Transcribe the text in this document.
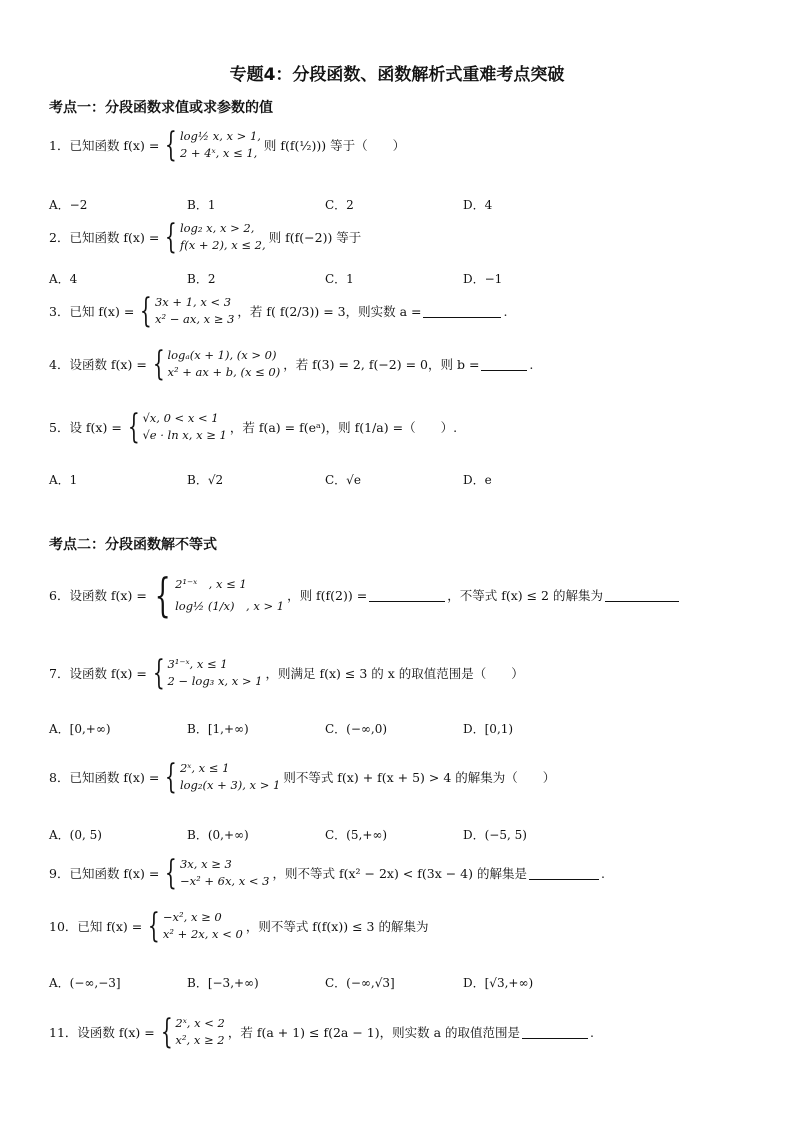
专题4：分段函数、函数解析式重难考点突破
考点一：分段函数求值或求参数的值
1．已知函数 f(x) = { log½ x, x > 1,
2 + 4ˣ, x ≤ 1, 则 f(f(½))) 等于（　　）
A．−2	B．1	C．2	D．4
2．已知函数 f(x) = { log₂ x, x > 2,
f(x + 2), x ≤ 2, 则 f(f(−2)) 等于
A．4	B．2	C．1	D．−1
3．已知 f(x) = { 3x + 1, x < 3
x² − ax, x ≥ 3 ，若 f( f(2/3)) = 3，则实数 a =	.
4．设函数 f(x) = { logₐ(x + 1), (x > 0)
x² + ax + b, (x ≤ 0) ，若 f(3) = 2, f(−2) = 0，则 b =	.
5．设 f(x) = { √x, 0 < x < 1
√e · ln x, x ≥ 1 ，若 f(a) = f(eᵃ)，则 f(1/a) =（　　）.
A．1	B．√2	C．√e	D．e
考点二：分段函数解不等式
6．设函数 f(x) = { 2¹⁻ˣ　, x ≤ 1
log½ (1/x)　, x > 1
，则 f(f(2)) =	，不等式 f(x) ≤ 2 的解集为
7．设函数 f(x) = { 3¹⁻ˣ, x ≤ 1
2 − log₃ x, x > 1 ，则满足 f(x) ≤ 3 的 x 的取值范围是（　　）
A．[0,+∞)	B．[1,+∞)	C．(−∞,0)	D．[0,1)
8．已知函数 f(x) = { 2ˣ, x ≤ 1
log₂(x + 3), x > 1 则不等式 f(x) + f(x + 5) > 4 的解集为（　　）
A．(0, 5)	B．(0,+∞)	C．(5,+∞)	D．(−5, 5)
9．已知函数 f(x) = { 3x, x ≥ 3
−x² + 6x, x < 3 ，则不等式 f(x² − 2x) < f(3x − 4) 的解集是	.
10．已知 f(x) = { −x², x ≥ 0
x² + 2x, x < 0 ，则不等式 f(f(x)) ≤ 3 的解集为
A．(−∞,−3]	B．[−3,+∞)	C．(−∞,√3]	D．[√3,+∞)
11．设函数 f(x) = { 2ˣ, x < 2
x², x ≥ 2 ，若 f(a + 1) ≤ f(2a − 1)，则实数 a 的取值范围是	.
